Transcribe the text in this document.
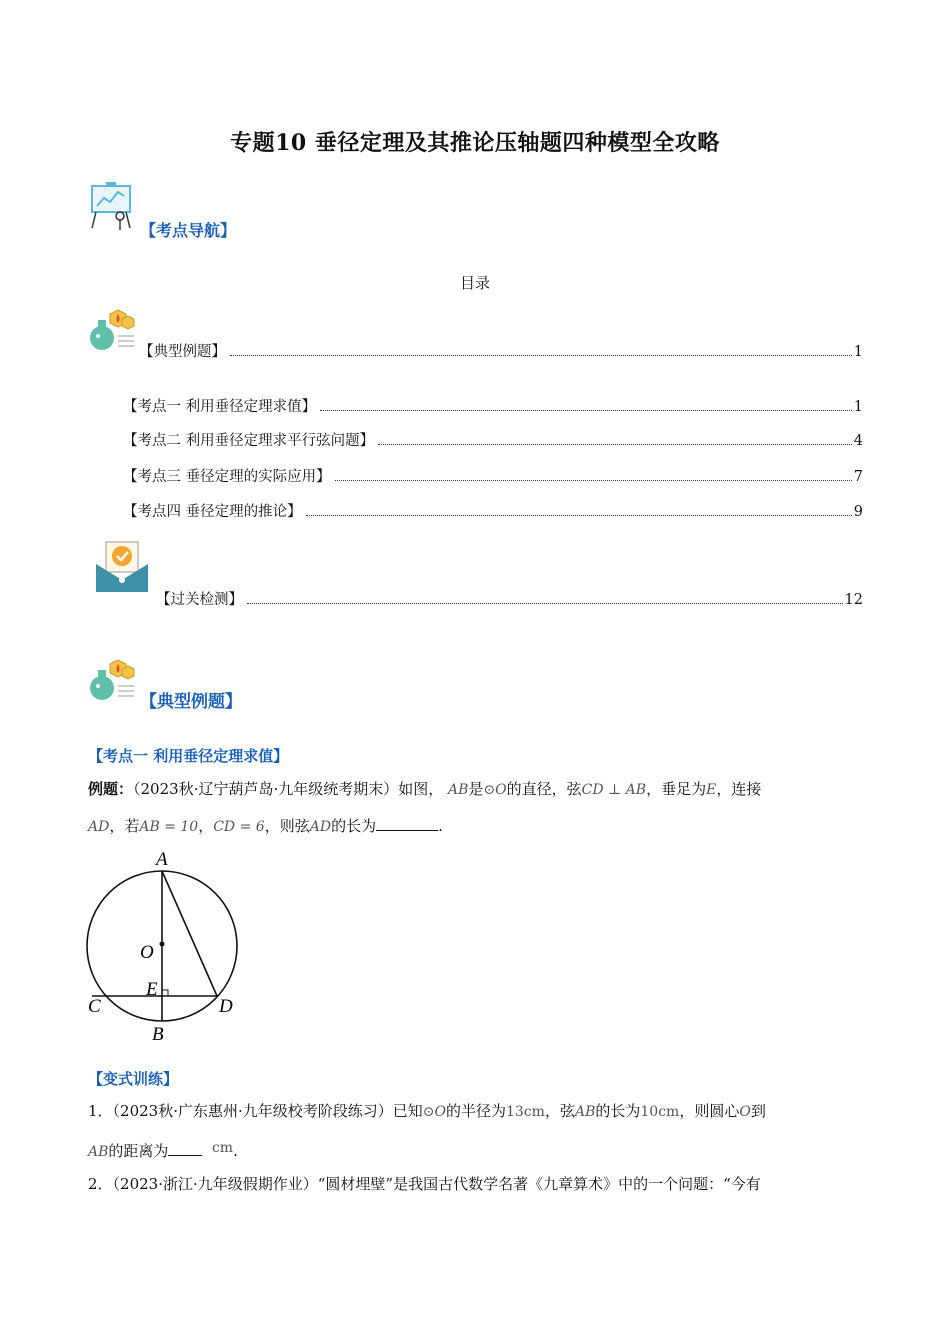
专题10 垂径定理及其推论压轴题四种模型全攻略
【考点导航】
目录
【典型例题】	1
【考点一 利用垂径定理求值】	1
【考点二 利用垂径定理求平行弦问题】	4
【考点三 垂径定理的实际应用】	7
【考点四 垂径定理的推论】	9
【过关检测】	12
【典型例题】
【考点一 利用垂径定理求值】
例题：（2023秋·辽宁葫芦岛·九年级统考期末）如图， AB是⊙O的直径，弦CD ⊥ AB，垂足为E，连接
AD，若AB = 10，CD = 6，则弦AD的长为	.
A
O
E
C	D
B
【变式训练】
1．（2023秋·广东惠州·九年级校考阶段练习）已知⊙O的半径为13cm，弦AB的长为10cm，则圆心O到
AB的距离为	cm.
2．（2023·浙江·九年级假期作业）“圆材埋壁”是我国古代数学名著《九章算术》中的一个问题：“今有
